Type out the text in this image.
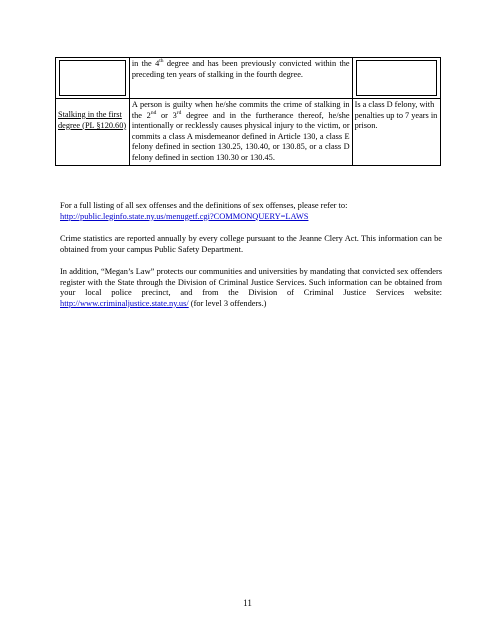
	in the 4th degree and has been previously convicted within the preceding ten years of stalking in the fourth degree.	

Stalking in the first degree (PL §120.60)	A person is guilty when he/she commits the crime of stalking in the 2nd or 3rd degree and in the furtherance thereof, he/she intentionally or recklessly causes physical injury to the victim, or commits a class A misdemeanor defined in Article 130, a class E felony defined in section 130.25, 130.40, or 130.85, or a class D felony defined in section 130.30 or 130.45.	Is a class D felony, with penalties up to 7 years in prison.
For a full listing of all sex offenses and the definitions of sex offenses, please refer to:
http://public.leginfo.state.ny.us/menugetf.cgi?COMMONQUERY=LAWS
Crime statistics are reported annually by every college pursuant to the Jeanne Clery Act. This information can be obtained from your campus Public Safety Department.
In addition, “Megan’s Law” protects our communities and universities by mandating that convicted sex offenders register with the State through the Division of Criminal Justice Services. Such information can be obtained from your local police precinct, and from the Division of Criminal Justice Services website: http://www.criminaljustice.state.ny.us/ (for level 3 offenders.)
11
